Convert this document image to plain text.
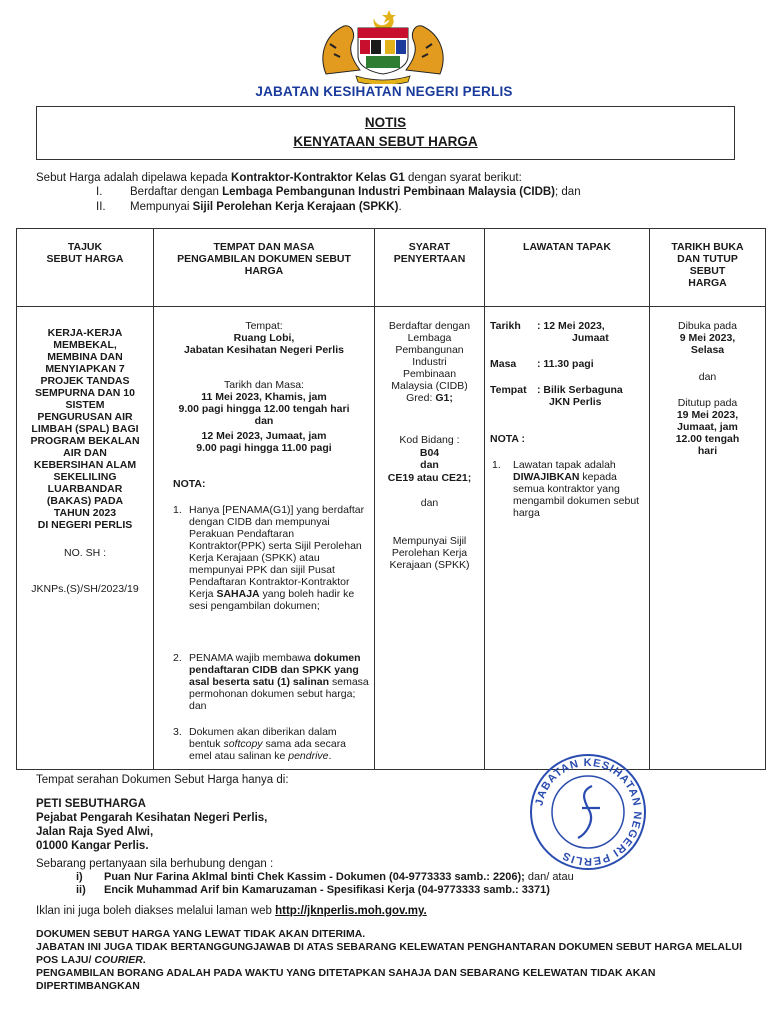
JABATAN KESIHATAN NEGERI PERLIS
NOTIS
KENYATAAN SEBUT HARGA
Sebut Harga adalah dipelawa kepada Kontraktor-Kontraktor Kelas G1 dengan syarat berikut:
I. Berdaftar dengan Lembaga Pembangunan Industri Pembinaan Malaysia (CIDB); dan
II. Mempunyai Sijil Perolehan Kerja Kerajaan (SPKK).
TAJUK
SEBUT HARGA
TEMPAT DAN MASA
PENGAMBILAN DOKUMEN SEBUT
HARGA
SYARAT
PENYERTAAN
LAWATAN TAPAK	TARIKH BUKA
DAN TUTUP
SEBUT
HARGA
KERJA-KERJA
MEMBEKAL,
MEMBINA DAN
MENYIAPKAN 7
PROJEK TANDAS
SEMPURNA DAN 10
SISTEM
PENGURUSAN AIR
LIMBAH (SPAL) BAGI
PROGRAM BEKALAN
AIR DAN
KEBERSIHAN ALAM
SEKELILING
LUARBANDAR
(BAKAS) PADA
TAHUN 2023
DI NEGERI PERLIS
NO. SH :
JKNPs.(S)/SH/2023/19
Tempat:
Ruang Lobi,
Jabatan Kesihatan Negeri Perlis
Tarikh dan Masa:
11 Mei 2023, Khamis, jam
9.00 pagi hingga 12.00 tengah hari
dan
12 Mei 2023, Jumaat, jam
9.00 pagi hingga 11.00 pagi
NOTA:
1. Hanya [PENAMA(G1)] yang berdaftar dengan CIDB dan mempunyai Perakuan Pendaftaran Kontraktor(PPK) serta Sijil Perolehan Kerja Kerajaan (SPKK) atau mempunyai PPK dan sijil Pusat Pendaftaran Kontraktor-Kontraktor Kerja SAHAJA yang boleh hadir ke sesi pengambilan dokumen;
2. PENAMA wajib membawa dokumen pendaftaran CIDB dan SPKK yang asal beserta satu (1) salinan semasa permohonan dokumen sebut harga; dan
3. Dokumen akan diberikan dalam bentuk softcopy sama ada secara emel atau salinan ke pendrive.
Berdaftar dengan
Lembaga
Pembangunan
Industri
Pembinaan
Malaysia (CIDB)
Gred: G1;
Kod Bidang :
B04
dan
CE19 atau CE21;
dan
Mempunyai Sijil
Perolehan Kerja
Kerajaan (SPKK)
Tarikh : 12 Mei 2023,
Jumaat
Masa : 11.30 pagi
Tempat : Bilik Serbaguna
JKN Perlis
NOTA :
1. Lawatan tapak adalah DIWAJIBKAN kepada semua kontraktor yang mengambil dokumen sebut harga
Dibuka pada
9 Mei 2023,
Selasa
dan
Ditutup pada
19 Mei 2023,
Jumaat, jam
12.00 tengah
hari
Tempat serahan Dokumen Sebut Harga hanya di:
PETI SEBUTHARGA
Pejabat Pengarah Kesihatan Negeri Perlis,
Jalan Raja Syed Alwi,
01000 Kangar Perlis.
Sebarang pertanyaan sila berhubung dengan :
i) Puan Nur Farina Aklmal binti Chek Kassim - Dokumen (04-9773333 samb.: 2206); dan/ atau
ii) Encik Muhammad Arif bin Kamaruzaman - Spesifikasi Kerja (04-9773333 samb.: 3371)
Iklan ini juga boleh diakses melalui laman web http://jknperlis.moh.gov.my.
DOKUMEN SEBUT HARGA YANG LEWAT TIDAK AKAN DITERIMA.
JABATAN INI JUGA TIDAK BERTANGGUNGJAWAB DI ATAS SEBARANG KELEWATAN PENGHANTARAN DOKUMEN SEBUT HARGA MELALUI POS LAJU/ COURIER.
PENGAMBILAN BORANG ADALAH PADA WAKTU YANG DITETAPKAN SAHAJA DAN SEBARANG KELEWATAN TIDAK AKAN DIPERTIMBANGKAN
JABATAN KESIHATAN NEGERI PERLIS
